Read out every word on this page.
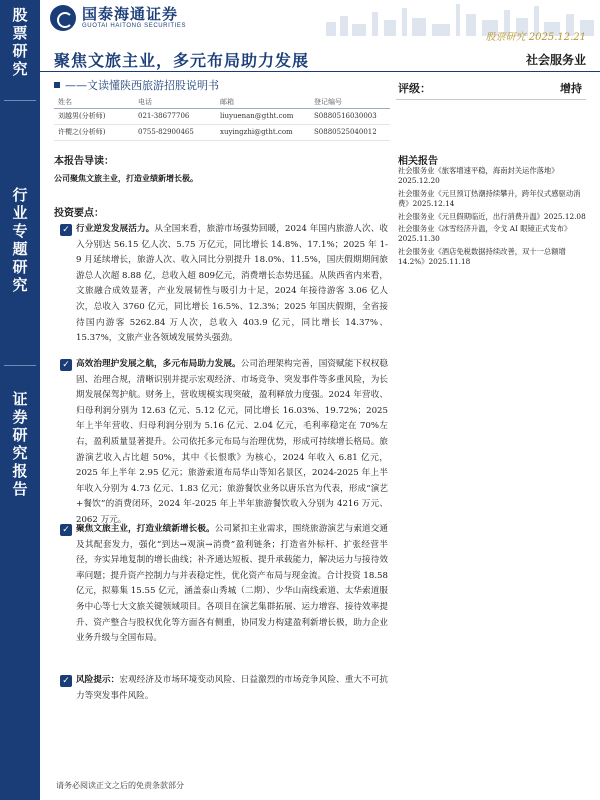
股
票
研
究
行
业
专
题
研
究
证
券
研
究
报
告
国泰海通证券
GUOTAI HAITONG SECURITIES
股票研究 2025.12.21
聚焦文旅主业，多元布局助力发展	社会服务业
——文读懂陕西旅游招股说明书	评级：	增持
姓名	电话	邮箱	登记编号
刘越男(分析师)	021-38677706	liuyuenan@gtht.com	S0880516030003
许樱之(分析师)	0755-82900465	xuyingzhi@gtht.com	S0880525040012
本报告导读：
公司聚焦文旅主业，打造业绩新增长极。
投资要点：
✓ 行业逆发发展活力。从全国来看，旅游市场强势回暖，2024 年国内旅游人次、收入分别达 56.15 亿人次、5.75 万亿元，同比增长 14.8%、17.1%；2025 年 1-9 月延续增长，旅游人次、收入同比分别提升 18.0%、11.5%，国庆假期期间旅游总人次超 8.88 亿，总收入超 809亿元，消费增长态势迅猛。从陕西省内来看，文旅融合成效显著，产业发展韧性与吸引力十足，2024 年接待游客 3.06 亿人次，总收入 3760 亿元，同比增长 16.5%、12.3%；2025 年国庆假期，全省接待国内游客 5262.84 万人次，总收入 403.9 亿元，同比增长 14.37%、15.37%，文旅产业各领域发展势头强劲。
✓ 高效治理护发展之航，多元布局助力发展。公司治理架构完善，国资赋能下权权稳固、治理合规，清晰识别并提示宏观经济、市场竞争、突发事件等多重风险，为长期发展保驾护航。财务上，营收规模实现突破，盈利释放力度强。2024 年营收、归母利润分别为 12.63 亿元、5.12 亿元，同比增长 16.03%、19.72%；2025 年上半年营收、归母利润分别为 5.16 亿元、2.04 亿元，毛利率稳定在 70%左右，盈利质量显著提升。公司依托多元布局与治理优势，形成可持续增长格局。旅游演艺收入占比超 50%，其中《长恨歌》为核心，2024 年收入 6.81 亿元，2025 年上半年 2.95 亿元；旅游索道布局华山等知名景区，2024-2025 年上半年收入分别为 4.73 亿元、1.83 亿元；旅游餐饮业务以唐乐宫为代表，形成“演艺+餐饮”的消费闭环，2024 年-2025 年上半年旅游餐饮收入分别为 4216 万元、2062 万元。
✓ 聚焦文旅主业，打造业绩新增长极。公司紧扣主业需求，围绕旅游演艺与索道交通及其配套发力，强化“到达→观演→消费”盈利链条；打造省外标杆、扩张经营半径，夯实异地复制的增长曲线；补齐通达短板、提升承载能力，解决运力与接待效率问题；提升资产控制力与并表稳定性，优化资产布局与现金流。合计投资 18.58 亿元，拟募集 15.55 亿元，涵盖泰山秀城（二期）、少华山南线索道、太华索道服务中心等七大文旅关键领域项目。各项目在演艺集群拓展、运力增容、接待效率提升、资产整合与股权优化等方面各有侧重，协同发力构建盈利新增长极，助力企业业务升级与全国布局。
✓ 风险提示：宏观经济及市场环境变动风险、日益激烈的市场竞争风险、重大不可抗力等突发事件风险。
相关报告
社会服务业《旅客增速平稳，海南封关运作落地》2025.12.20
社会服务业《元旦预订热潮持续攀升，跨年仪式感驱动消费》2025.12.14
社会服务业《元旦假期临近，出行消费升温》2025.12.08
社会服务业《冰雪经济升温，令戈 AI 眼镜正式发布》2025.11.30
社会服务业《酒店免税数据持续改善，双十一总额增 14.2%》2025.11.18
请务必阅读正文之后的免责条款部分
